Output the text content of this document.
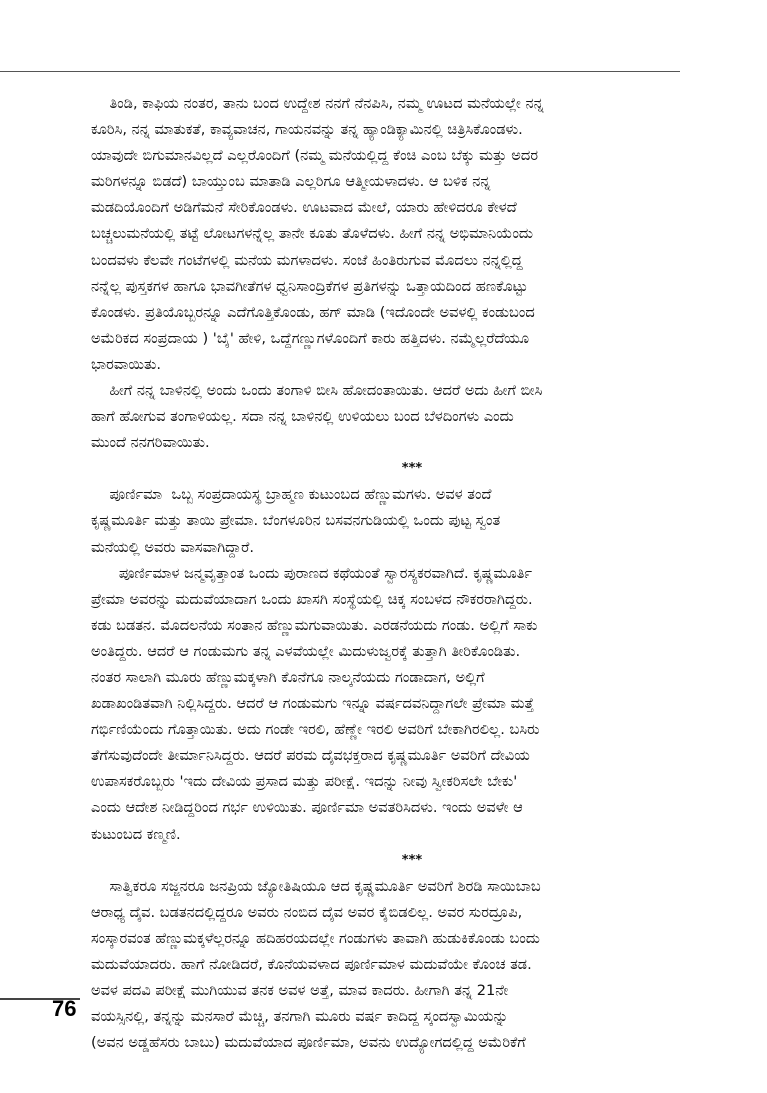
ತಿಂಡಿ, ಕಾಫಿಯ ನಂತರ, ತಾನು ಬಂದ ಉದ್ದೇಶ ನನಗೆ ನೆನಪಿಸಿ, ನಮ್ಮ ಊಟದ ಮನೆಯಲ್ಲೇ ನನ್ನ
ಕೂರಿಸಿ, ನನ್ನ ಮಾತುಕತೆ, ಕಾವ್ಯವಾಚನ, ಗಾಯನವನ್ನು ತನ್ನ ಹ್ಯಾಂಡಿಕ್ಯಾಮಿನಲ್ಲಿ ಚಿತ್ರಿಸಿಕೊಂಡಳು.
ಯಾವುದೇ ಬಿಗುಮಾನವಿಲ್ಲದೆ ಎಲ್ಲರೊಂದಿಗೆ (ನಮ್ಮ ಮನೆಯಲ್ಲಿದ್ದ ಕೆಂಚಿ ಎಂಬ ಬೆಕ್ಕು ಮತ್ತು ಅದರ
ಮರಿಗಳನ್ನೂ ಬಿಡದೆ) ಬಾಯ್ತುಂಬ ಮಾತಾಡಿ ಎಲ್ಲರಿಗೂ ಆತ್ಮೀಯಳಾದಳು. ಆ ಬಳಿಕ ನನ್ನ
ಮಡದಿಯೊಂದಿಗೆ ಅಡಿಗೆಮನೆ ಸೇರಿಕೊಂಡಳು. ಊಟವಾದ ಮೇಲೆ, ಯಾರು ಹೇಳಿದರೂ ಕೇಳದೆ
ಬಚ್ಚಲುಮನೆಯಲ್ಲಿ ತಟ್ಟೆ ಲೋಟಗಳನ್ನೆಲ್ಲ ತಾನೇ ಕೂತು ತೊಳೆದಳು. ಹೀಗೆ ನನ್ನ ಅಭಿಮಾನಿಯೆಂದು
ಬಂದವಳು ಕೆಲವೇ ಗಂಟೆಗಳಲ್ಲಿ ಮನೆಯ ಮಗಳಾದಳು. ಸಂಜೆ ಹಿಂತಿರುಗುವ ಮೊದಲು ನನ್ನಲ್ಲಿದ್ದ
ನನ್ನೆಲ್ಲ ಪುಸ್ತಕಗಳ ಹಾಗೂ ಭಾವಗೀತೆಗಳ ಧ್ವನಿಸಾಂದ್ರಿಕೆಗಳ ಪ್ರತಿಗಳನ್ನು ಒತ್ತಾಯದಿಂದ ಹಣಕೊಟ್ಟು
ಕೊಂಡಳು. ಪ್ರತಿಯೊಬ್ಬರನ್ನೂ ಎದೆಗೊತ್ತಿಕೊಂಡು, ಹಗ್ ಮಾಡಿ (ಇದೊಂದೇ ಅವಳಲ್ಲಿ ಕಂಡುಬಂದ
ಅಮೆರಿಕದ ಸಂಪ್ರದಾಯ ) 'ಬೈ' ಹೇಳಿ, ಒದ್ದೆಗಣ್ಣುಗಳೊಂದಿಗೆ ಕಾರು ಹತ್ತಿದಳು. ನಮ್ಮೆಲ್ಲರೆದೆಯೂ
ಭಾರವಾಯಿತು.
ಹೀಗೆ ನನ್ನ ಬಾಳಿನಲ್ಲಿ ಅಂದು ಒಂದು ತಂಗಾಳಿ ಬೀಸಿ ಹೋದಂತಾಯಿತು. ಆದರೆ ಅದು ಹೀಗೆ ಬೀಸಿ
ಹಾಗೆ ಹೋಗುವ ತಂಗಾಳಿಯಲ್ಲ. ಸದಾ ನನ್ನ ಬಾಳಿನಲ್ಲಿ ಉಳಿಯಲು ಬಂದ ಬೆಳದಿಂಗಳು ಎಂದು
ಮುಂದೆ ನನಗರಿವಾಯಿತು.
***
ಪೂರ್ಣಿಮಾ  ಒಬ್ಬ ಸಂಪ್ರದಾಯಸ್ಥ ಬ್ರಾಹ್ಮಣ ಕುಟುಂಬದ ಹೆಣ್ಣುಮಗಳು. ಅವಳ ತಂದೆ
ಕೃಷ್ಣಮೂರ್ತಿ ಮತ್ತು ತಾಯಿ ಪ್ರೇಮಾ. ಬೆಂಗಳೂರಿನ ಬಸವನಗುಡಿಯಲ್ಲಿ ಒಂದು ಪುಟ್ಟ ಸ್ವಂತ
ಮನೆಯಲ್ಲಿ ಅವರು ವಾಸವಾಗಿದ್ದಾರೆ.
ಪೂರ್ಣಿಮಾಳ ಜನ್ಮವೃತ್ತಾಂತ ಒಂದು ಪುರಾಣದ ಕಥೆಯಂತೆ ಸ್ವಾರಸ್ಯಕರವಾಗಿದೆ. ಕೃಷ್ಣಮೂರ್ತಿ
ಪ್ರೇಮಾ ಅವರನ್ನು ಮದುವೆಯಾದಾಗ ಒಂದು ಖಾಸಗಿ ಸಂಸ್ಥೆಯಲ್ಲಿ ಚಿಕ್ಕ ಸಂಬಳದ ನೌಕರರಾಗಿದ್ದರು.
ಕಡು ಬಡತನ. ಮೊದಲನೆಯ ಸಂತಾನ ಹೆಣ್ಣುಮಗುವಾಯಿತು. ಎರಡನೆಯದು ಗಂಡು. ಅಲ್ಲಿಗೆ ಸಾಕು
ಅಂತಿದ್ದರು. ಆದರೆ ಆ ಗಂಡುಮಗು ತನ್ನ ಎಳವೆಯಲ್ಲೇ ಮಿದುಳುಜ್ವರಕ್ಕೆ ತುತ್ತಾಗಿ ತೀರಿಕೊಂಡಿತು.
ನಂತರ ಸಾಲಾಗಿ ಮೂರು ಹೆಣ್ಣುಮಕ್ಕಳಾಗಿ ಕೊನೆಗೂ ನಾಲ್ಕನೆಯದು ಗಂಡಾದಾಗ, ಅಲ್ಲಿಗೆ
ಖಡಾಖಂಡಿತವಾಗಿ ನಿಲ್ಲಿಸಿದ್ದರು. ಆದರೆ ಆ ಗಂಡುಮಗು ಇನ್ನೂ ವರ್ಷದವನಿದ್ದಾಗಲೇ ಪ್ರೇಮಾ ಮತ್ತೆ
ಗರ್ಭಿಣಿಯೆಂದು ಗೊತ್ತಾಯಿತು. ಅದು ಗಂಡೇ ಇರಲಿ, ಹೆಣ್ಣೇ ಇರಲಿ ಅವರಿಗೆ ಬೇಕಾಗಿರಲಿಲ್ಲ. ಬಸಿರು
ತೆಗೆಸುವುದೆಂದೇ ತೀರ್ಮಾನಿಸಿದ್ದರು. ಆದರೆ ಪರಮ ದೈವಭಕ್ತರಾದ ಕೃಷ್ಣಮೂರ್ತಿ ಅವರಿಗೆ ದೇವಿಯ
ಉಪಾಸಕರೊಬ್ಬರು 'ಇದು ದೇವಿಯ ಪ್ರಸಾದ ಮತ್ತು ಪರೀಕ್ಷೆ. ಇದನ್ನು ನೀವು ಸ್ವೀಕರಿಸಲೇ ಬೇಕು'
ಎಂದು ಆದೇಶ ನೀಡಿದ್ದರಿಂದ ಗರ್ಭ ಉಳಿಯಿತು. ಪೂರ್ಣಿಮಾ ಅವತರಿಸಿದಳು. ಇಂದು ಅವಳೇ ಆ
ಕುಟುಂಬದ ಕಣ್ಮಣಿ.
***
ಸಾತ್ವಿಕರೂ ಸಜ್ಜನರೂ ಜನಪ್ರಿಯ ಜ್ಯೋತಿಷಿಯೂ ಆದ ಕೃಷ್ಣಮೂರ್ತಿ ಅವರಿಗೆ ಶಿರಡಿ ಸಾಯಿಬಾಬ
ಆರಾಧ್ಯ ದೈವ. ಬಡತನದಲ್ಲಿದ್ದರೂ ಅವರು ನಂಬಿದ ದೈವ ಅವರ ಕೈಬಿಡಲಿಲ್ಲ. ಅವರ ಸುರದ್ರೂಪಿ,
ಸಂಸ್ಕಾರವಂತ ಹೆಣ್ಣುಮಕ್ಕಳೆಲ್ಲರನ್ನೂ ಹದಿಹರಯದಲ್ಲೇ ಗಂಡುಗಳು ತಾವಾಗಿ ಹುಡುಕಿಕೊಂಡು ಬಂದು
ಮದುವೆಯಾದರು. ಹಾಗೆ ನೋಡಿದರೆ, ಕೊನೆಯವಳಾದ ಪೂರ್ಣಿಮಾಳ ಮದುವೆಯೇ ಕೊಂಚ ತಡ.
ಅವಳ ಪದವಿ ಪರೀಕ್ಷೆ ಮುಗಿಯುವ ತನಕ ಅವಳ ಅತ್ತೆ, ಮಾವ ಕಾದರು. ಹೀಗಾಗಿ ತನ್ನ 21ನೇ
ವಯಸ್ಸಿನಲ್ಲಿ, ತನ್ನನ್ನು ಮನಸಾರೆ ಮೆಚ್ಚಿ, ತನಗಾಗಿ ಮೂರು ವರ್ಷ ಕಾದಿದ್ದ ಸ್ಕಂದಸ್ವಾಮಿಯನ್ನು
(ಅವನ ಅಡ್ಡಹೆಸರು ಬಾಬು) ಮದುವೆಯಾದ ಪೂರ್ಣಿಮಾ, ಅವನು ಉದ್ಯೋಗದಲ್ಲಿದ್ದ ಅಮೆರಿಕೆಗೆ
76
